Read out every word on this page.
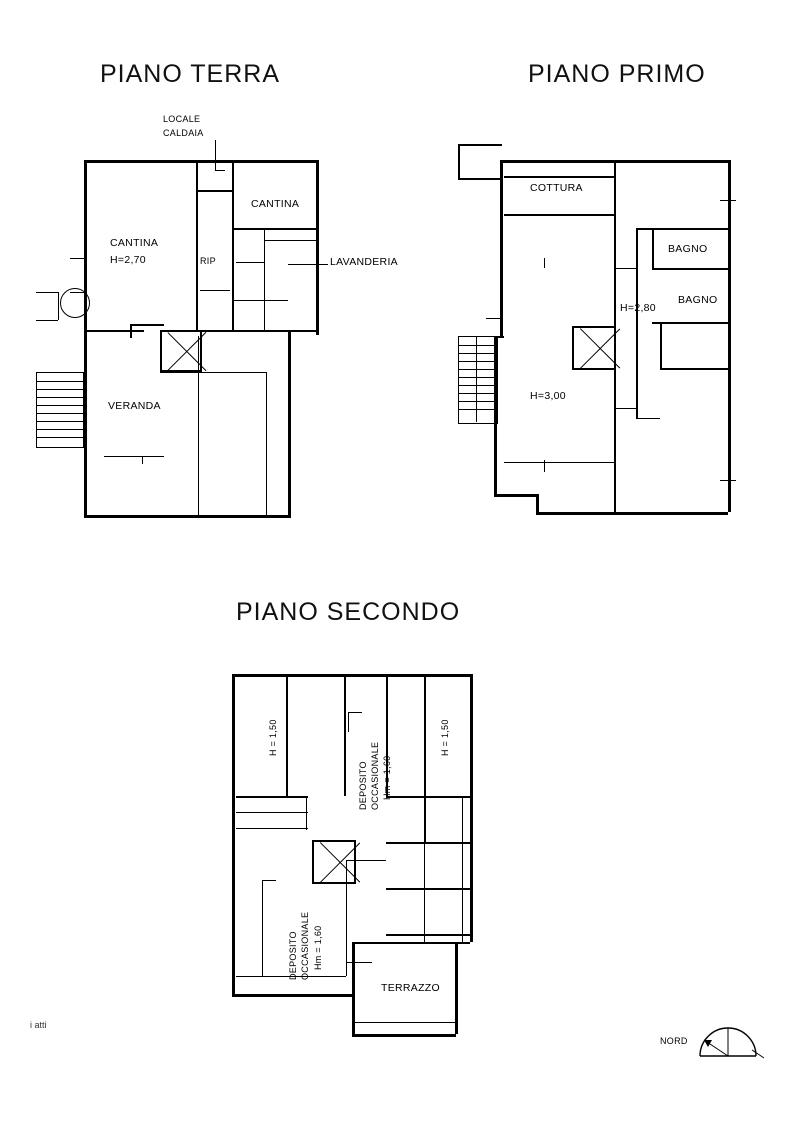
PIANO TERRA	PIANO PRIMO
PIANO SECONDO
LOCALE
CALDAIA
CANTINA
H=2,70	RIP
CANTINA
LAVANDERIA
VERANDA
COTTURA
BAGNO
BAGNO
H=2,80
H=3,00
H = 1,50	H = 1,50
DEPOSITO OCCASIONALE Hm = 1,60
DEPOSITO OCCASIONALE Hm = 1,60
TERRAZZO
NORD
i atti
